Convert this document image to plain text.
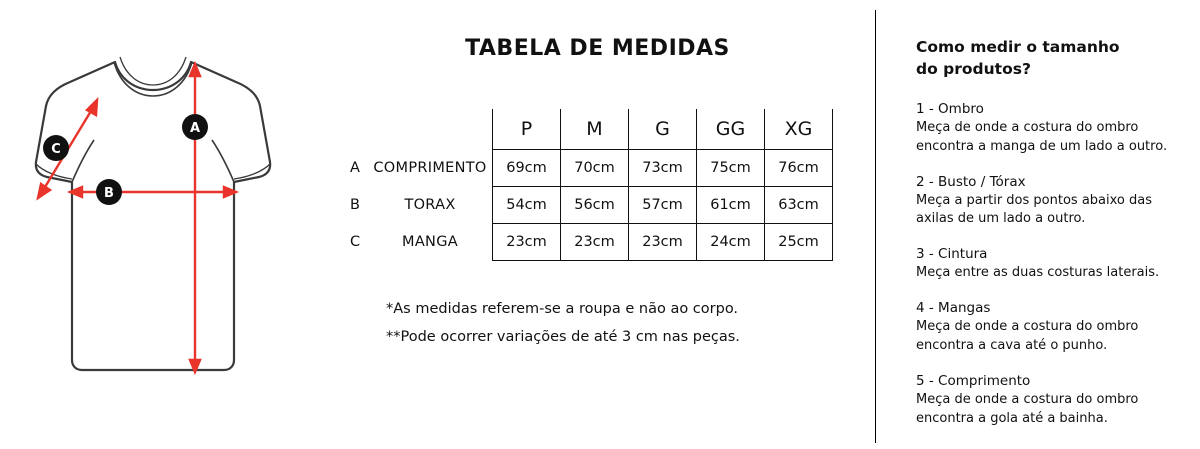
A
B
C
TABELA DE MEDIDAS
		P	M	G	GG	XG
A	COMPRIMENTO	69cm	70cm	73cm	75cm	76cm
B	TORAX	54cm	56cm	57cm	61cm	63cm
C	MANGA	23cm	23cm	23cm	24cm	25cm
*As medidas referem-se a roupa e não ao corpo.
**Pode ocorrer variações de até 3 cm nas peças.
Como medir o tamanho do produtos?
1 - Ombro
Meça de onde a costura do ombro encontra a manga de um lado a outro.
2 - Busto / Tórax
Meça a partir dos pontos abaixo das axilas de um lado a outro.
3 - Cintura
Meça entre as duas costuras laterais.
4 - Mangas
Meça de onde a costura do ombro encontra a cava até o punho.
5 - Comprimento
Meça de onde a costura do ombro encontra a gola até a bainha.
